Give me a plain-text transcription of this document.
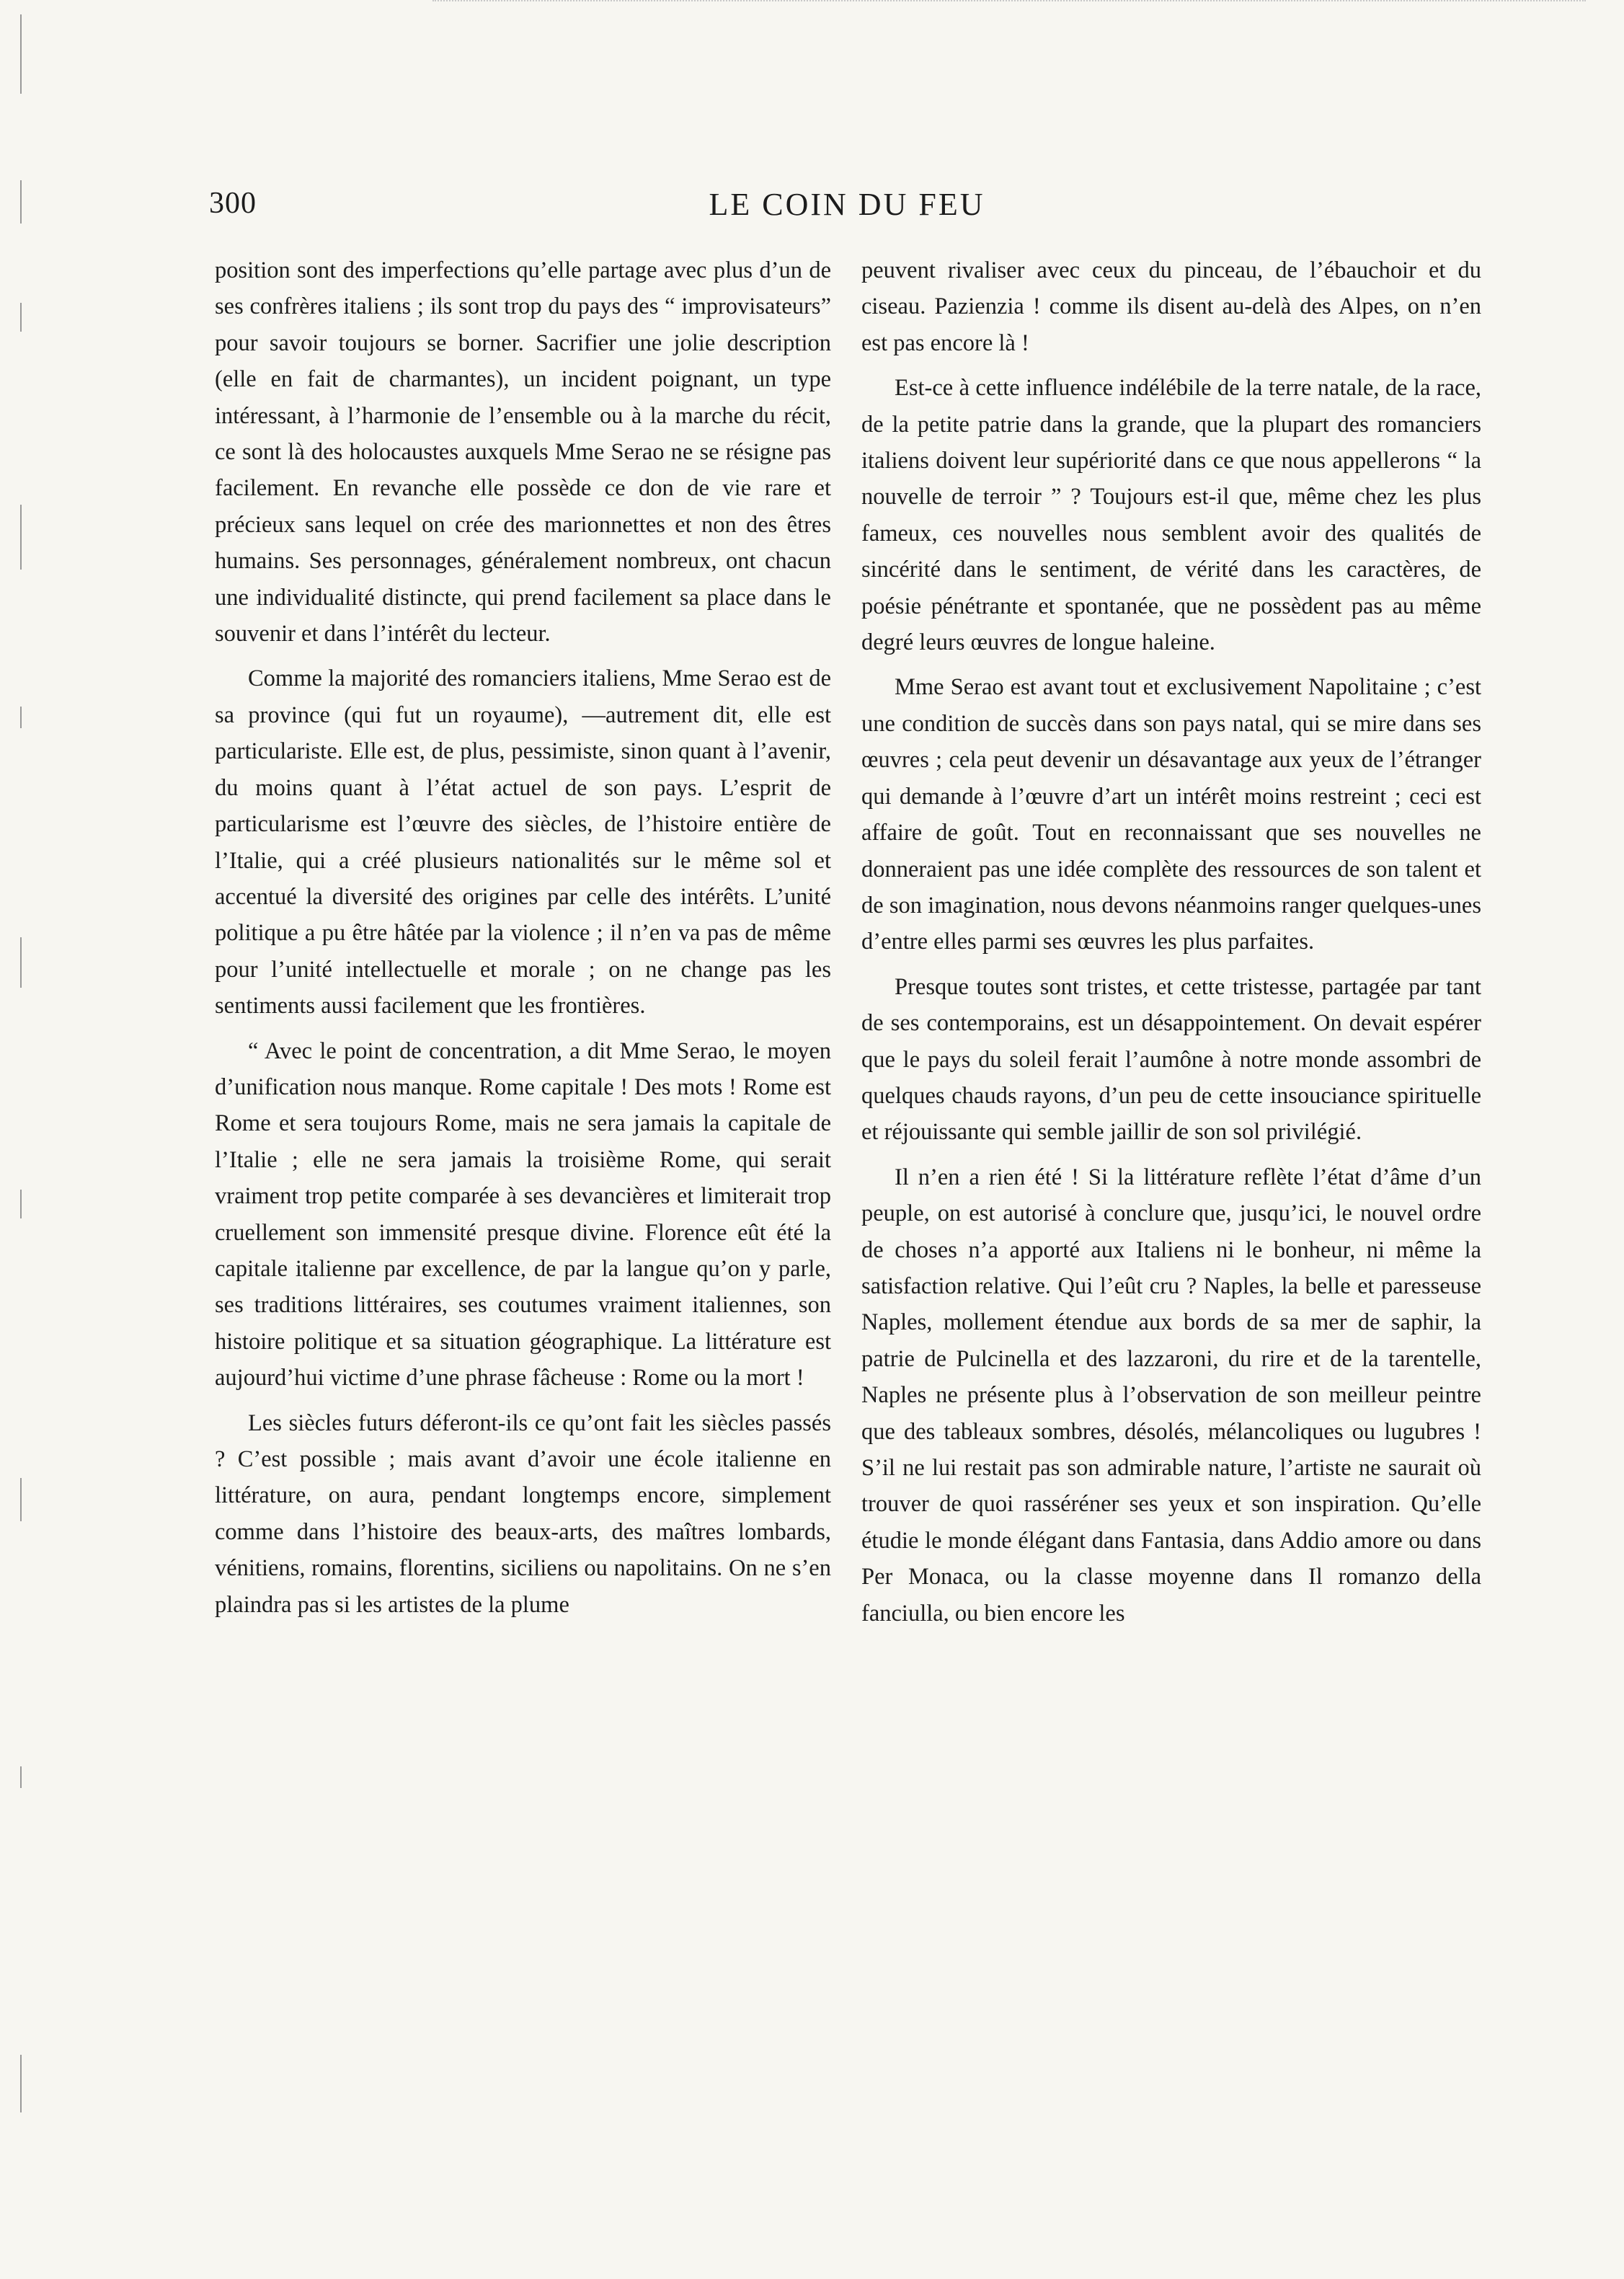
300	LE COIN DU FEU

position sont des imperfections qu’elle partage avec plus d’un de ses confrères italiens ; ils sont trop du pays des “ improvisateurs” pour savoir toujours se borner. Sacrifier une jolie description (elle en fait de charmantes), un incident poignant, un type intéressant, à l’harmonie de l’ensemble ou à la marche du récit, ce sont là des holocaustes auxquels Mme Serao ne se résigne pas facilement. En revanche elle possède ce don de vie rare et précieux sans lequel on crée des marionnettes et non des êtres humains. Ses personnages, généralement nombreux, ont chacun une individualité distincte, qui prend facilement sa place dans le souvenir et dans l’intérêt du lecteur.

Comme la majorité des romanciers italiens, Mme Serao est de sa province (qui fut un royaume), —autrement dit, elle est particulariste. Elle est, de plus, pessimiste, sinon quant à l’avenir, du moins quant à l’état actuel de son pays. L’esprit de particularisme est l’œuvre des siècles, de l’histoire entière de l’Italie, qui a créé plusieurs nationalités sur le même sol et accentué la diversité des origines par celle des intérêts. L’unité politique a pu être hâtée par la violence ; il n’en va pas de même pour l’unité intellectuelle et morale ; on ne change pas les sentiments aussi facilement que les frontières.

“ Avec le point de concentration, a dit Mme Serao, le moyen d’unification nous manque. Rome capitale ! Des mots ! Rome est Rome et sera toujours Rome, mais ne sera jamais la capitale de l’Italie ; elle ne sera jamais la troisième Rome, qui serait vraiment trop petite comparée à ses devancières et limiterait trop cruellement son immensité presque divine. Florence eût été la capitale italienne par excellence, de par la langue qu’on y parle, ses traditions littéraires, ses coutumes vraiment italiennes, son histoire politique et sa situation géographique. La littérature est aujourd’hui victime d’une phrase fâcheuse : Rome ou la mort !

Les siècles futurs déferont-ils ce qu’ont fait les siècles passés ? C’est possible ; mais avant d’avoir une école italienne en littérature, on aura, pendant longtemps encore, simplement comme dans l’histoire des beaux-arts, des maîtres lombards, vénitiens, romains, florentins, siciliens ou napolitains. On ne s’en plaindra pas si les artistes de la plume

peuvent rivaliser avec ceux du pinceau, de l’ébauchoir et du ciseau. Pazienzia ! comme ils disent au-delà des Alpes, on n’en est pas encore là !

Est-ce à cette influence indélébile de la terre natale, de la race, de la petite patrie dans la grande, que la plupart des romanciers italiens doivent leur supériorité dans ce que nous appellerons “ la nouvelle de terroir ” ? Toujours est-il que, même chez les plus fameux, ces nouvelles nous semblent avoir des qualités de sincérité dans le sentiment, de vérité dans les caractères, de poésie pénétrante et spontanée, que ne possèdent pas au même degré leurs œuvres de longue haleine.

Mme Serao est avant tout et exclusivement Napolitaine ; c’est une condition de succès dans son pays natal, qui se mire dans ses œuvres ; cela peut devenir un désavantage aux yeux de l’étranger qui demande à l’œuvre d’art un intérêt moins restreint ; ceci est affaire de goût. Tout en reconnaissant que ses nouvelles ne donneraient pas une idée complète des ressources de son talent et de son imagination, nous devons néanmoins ranger quelques-unes d’entre elles parmi ses œuvres les plus parfaites.

Presque toutes sont tristes, et cette tristesse, partagée par tant de ses contemporains, est un désappointement. On devait espérer que le pays du soleil ferait l’aumône à notre monde assombri de quelques chauds rayons, d’un peu de cette insouciance spirituelle et réjouissante qui semble jaillir de son sol privilégié.

Il n’en a rien été ! Si la littérature reflète l’état d’âme d’un peuple, on est autorisé à conclure que, jusqu’ici, le nouvel ordre de choses n’a apporté aux Italiens ni le bonheur, ni même la satisfaction relative. Qui l’eût cru ? Naples, la belle et paresseuse Naples, mollement étendue aux bords de sa mer de saphir, la patrie de Pulcinella et des lazzaroni, du rire et de la tarentelle, Naples ne présente plus à l’observation de son meilleur peintre que des tableaux sombres, désolés, mélancoliques ou lugubres ! S’il ne lui restait pas son admirable nature, l’artiste ne saurait où trouver de quoi rasséréner ses yeux et son inspiration. Qu’elle étudie le monde élégant dans Fantasia, dans Addio amore ou dans Per Monaca, ou la classe moyenne dans Il romanzo della fanciulla, ou bien encore les
